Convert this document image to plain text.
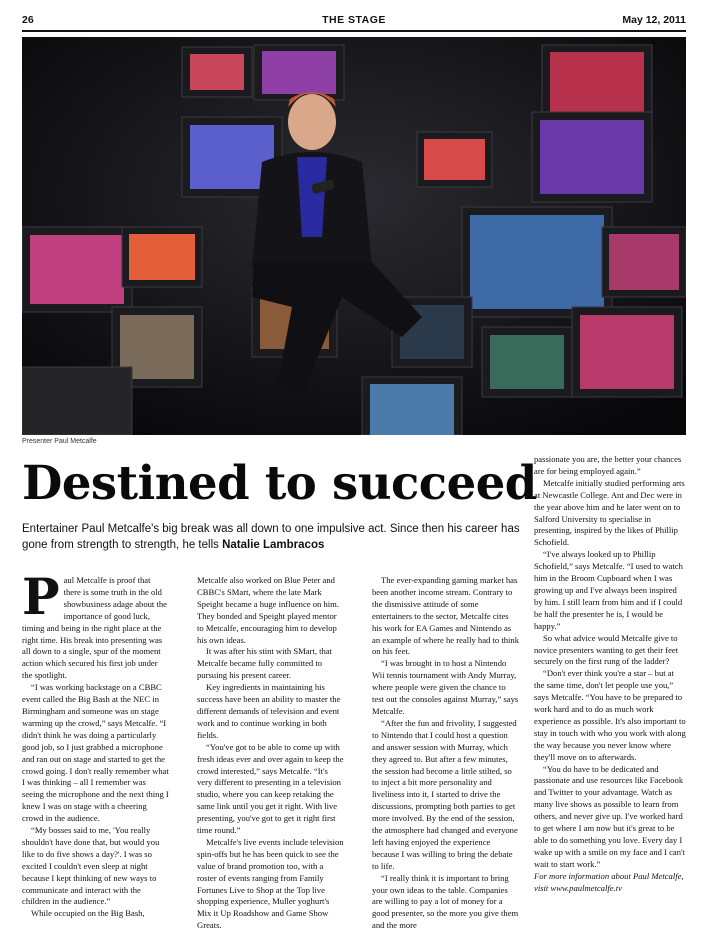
26	THE STAGE	May 12, 2011
Presenter Paul Metcalfe
Destined to succeed

Entertainer Paul Metcalfe's big break was all down to one impulsive act. Since then his career has gone from strength to strength, he tells Natalie Lambracos

Paul Metcalfe is proof that there is some truth in the old showbusiness adage about the importance of good luck, timing and being in the right place at the right time. His break into presenting was all down to a single, spur of the moment action which secured his first job under the spotlight.

“I was working backstage on a CBBC event called the Big Bash at the NEC in Birmingham and someone was on stage warming up the crowd,” says Metcalfe. “I didn't think he was doing a particularly good job, so I just grabbed a microphone and ran out on stage and started to get the crowd going. I don't really remember what I was thinking – all I remember was seeing the microphone and the next thing I knew I was on stage with a cheering crowd in the audience.

“My bosses said to me, 'You really shouldn't have done that, but would you like to do five shows a day?'. I was so excited I couldn't even sleep at night because I kept thinking of new ways to communicate and interact with the children in the audience.”

While occupied on the Big Bash,

Metcalfe also worked on Blue Peter and CBBC's SMart, where the late Mark Speight became a huge influence on him. They bonded and Speight played mentor to Metcalfe, encouraging him to develop his own ideas.

It was after his stint with SMart, that Metcalfe became fully committed to pursuing his present career.

Key ingredients in maintaining his success have been an ability to master the different demands of television and event work and to continue working in both fields.

“You've got to be able to come up with fresh ideas ever and over again to keep the crowd interested,” says Metcalfe. “It's very different to presenting in a television studio, where you can keep retaking the same link until you get it right. With live presenting, you've got to get it right first time round.”

Metcalfe's live events include television spin-offs but he has been quick to see the value of brand promotion too, with a roster of events ranging from Family Fortunes Live to Shop at the Top live shopping experience, Muller yoghurt's Mix it Up Roadshow and Game Show Greats.

The ever-expanding gaming market has been another income stream. Contrary to the dismissive attitude of some entertainers to the sector, Metcalfe cites his work for EA Games and Nintendo as an example of where he really had to think on his feet.

“I was brought in to host a Nintendo Wii tennis tournament with Andy Murray, where people were given the chance to test out the consoles against Murray,” says Metcalfe.

“After the fun and frivolity, I suggested to Nintendo that I could host a question and answer session with Murray, which they agreed to. But after a few minutes, the session had become a little stilted, so to inject a bit more personality and liveliness into it, I started to drive the discussions, prompting both parties to get more involved. By the end of the session, the atmosphere had changed and everyone left having enjoyed the experience because I was willing to bring the debate to life.

“I really think it is important to bring your own ideas to the table. Companies are willing to pay a lot of money for a good presenter, so the more you give them and the more

passionate you are, the better your chances are for being employed again.”

Metcalfe initially studied performing arts at Newcastle College. Ant and Dec were in the year above him and he later went on to Salford University to specialise in presenting, inspired by the likes of Phillip Schofield.

“I've always looked up to Phillip Schofield,” says Metcalfe. “I used to watch him in the Broom Cupboard when I was growing up and I've always been inspired by him. I still learn from him and if I could be half the presenter he is, I would be happy.”

So what advice would Metcalfe give to novice presenters wanting to get their feet securely on the first rung of the ladder?

“Don't ever think you're a star – but at the same time, don't let people use you,” says Metcalfe. “You have to be prepared to work hard and to do as much work experience as possible. It's also important to stay in touch with who you work with along the way because you never know where they'll move on to afterwards.

“You do have to be dedicated and passionate and use resources like Facebook and Twitter to your advantage. Watch as many live shows as possible to learn from others, and never give up. I've worked hard to get where I am now but it's great to be able to do something you love. Every day I wake up with a smile on my face and I can't wait to start work.”

For more information about Paul Metcalfe, visit www.paulmetcalfe.tv
